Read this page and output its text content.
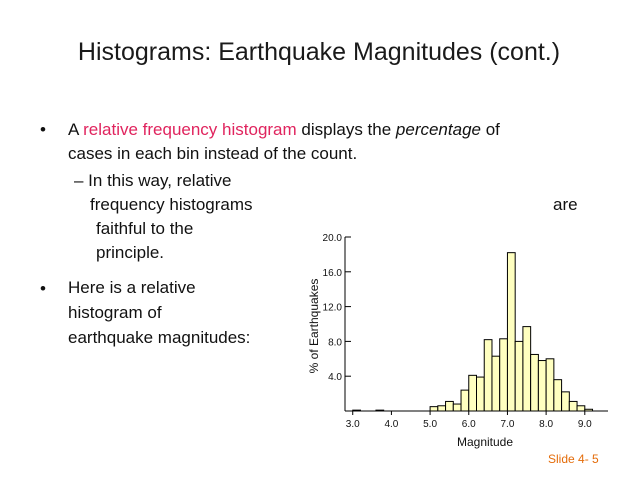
Histograms: Earthquake Magnitudes (cont.)
• A relative frequency histogram displays the percentage of
cases in each bin instead of the count.
– In this way, relative
frequency histograms	are
faithful to the
principle.
• Here is a relative
histogram of
earthquake magnitudes:
4.0
8.0
12.0
16.0
20.0
3.0 4.0 5.0 6.0 7.0 8.0 9.0
Magnitude
% of Earthquakes
Slide 4- 5
